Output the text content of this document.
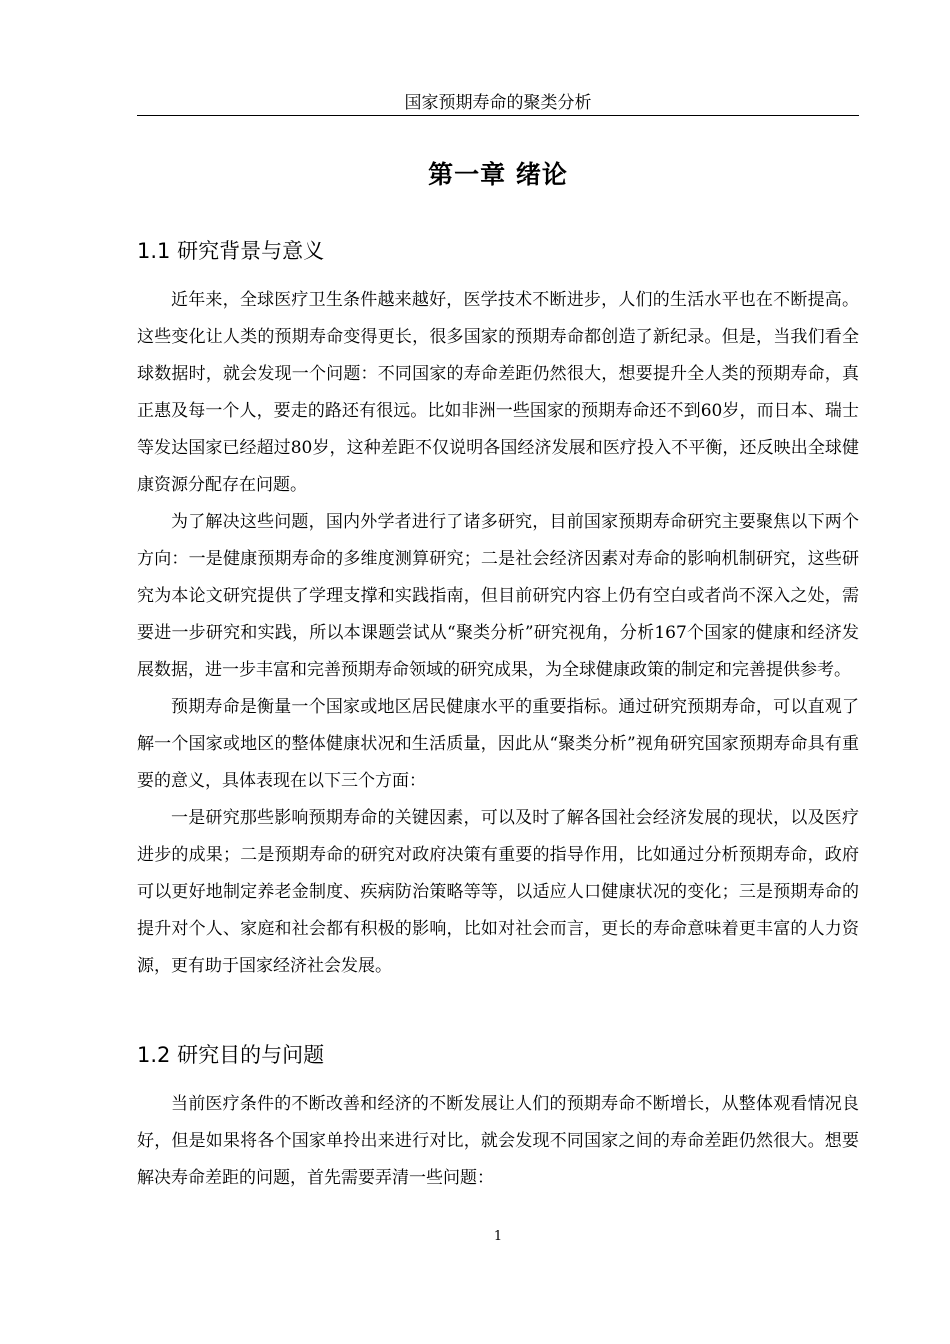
国家预期寿命的聚类分析
第一章 绪论
1.1 研究背景与意义

近年来，全球医疗卫生条件越来越好，医学技术不断进步，人们的生活水平也在不断提高。这些变化让人类的预期寿命变得更长，很多国家的预期寿命都创造了新纪录。但是，当我们看全球数据时，就会发现一个问题：不同国家的寿命差距仍然很大，想要提升全人类的预期寿命，真正惠及每一个人，要走的路还有很远。比如非洲一些国家的预期寿命还不到60岁，而日本、瑞士等发达国家已经超过80岁，这种差距不仅说明各国经济发展和医疗投入不平衡，还反映出全球健康资源分配存在问题。

为了解决这些问题，国内外学者进行了诸多研究，目前国家预期寿命研究主要聚焦以下两个方向：一是健康预期寿命的多维度测算研究；二是社会经济因素对寿命的影响机制研究，这些研究为本论文研究提供了学理支撑和实践指南，但目前研究内容上仍有空白或者尚不深入之处，需要进一步研究和实践，所以本课题尝试从“聚类分析”研究视角，分析167个国家的健康和经济发展数据，进一步丰富和完善预期寿命领域的研究成果，为全球健康政策的制定和完善提供参考。

预期寿命是衡量一个国家或地区居民健康水平的重要指标。通过研究预期寿命，可以直观了解一个国家或地区的整体健康状况和生活质量，因此从“聚类分析”视角研究国家预期寿命具有重要的意义，具体表现在以下三个方面：

一是研究那些影响预期寿命的关键因素，可以及时了解各国社会经济发展的现状，以及医疗进步的成果；二是预期寿命的研究对政府决策有重要的指导作用，比如通过分析预期寿命，政府可以更好地制定养老金制度、疾病防治策略等等，以适应人口健康状况的变化；三是预期寿命的提升对个人、家庭和社会都有积极的影响，比如对社会而言，更长的寿命意味着更丰富的人力资源，更有助于国家经济社会发展。

1.2 研究目的与问题

当前医疗条件的不断改善和经济的不断发展让人们的预期寿命不断增长，从整体观看情况良好，但是如果将各个国家单拎出来进行对比，就会发现不同国家之间的寿命差距仍然很大。想要解决寿命差距的问题，首先需要弄清一些问题：

1
